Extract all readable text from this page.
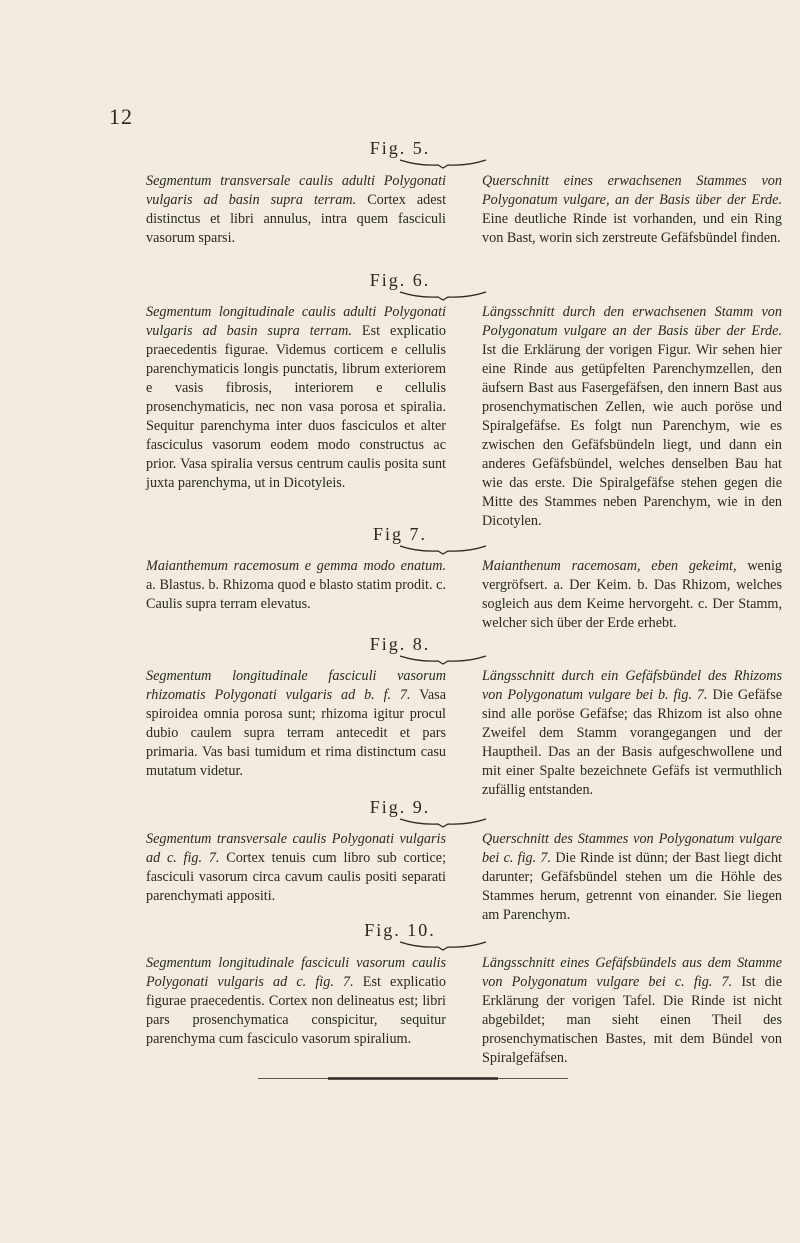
12
Fig. 5.
Segmentum transversale caulis adulti Polygonati vulgaris ad basin supra terram. Cortex adest distinctus et libri annulus, intra quem fasciculi vasorum sparsi.
Querschnitt eines erwachsenen Stammes von Polygonatum vulgare, an der Basis über der Erde. Eine deutliche Rinde ist vorhanden, und ein Ring von Bast, worin sich zerstreute Gefäfsbündel finden.
Fig. 6.
Segmentum longitudinale caulis adulti Polygonati vulgaris ad basin supra terram. Est explicatio praecedentis figurae. Videmus corticem e cellulis parenchymaticis longis punctatis, librum exteriorem e vasis fibrosis, interiorem e cellulis prosenchymaticis, nec non vasa porosa et spiralia. Sequitur parenchyma inter duos fasciculos et alter fasciculus vasorum eodem modo constructus ac prior. Vasa spiralia versus centrum caulis posita sunt juxta parenchyma, ut in Dicotyleis.
Längsschnitt durch den erwachsenen Stamm von Polygonatum vulgare an der Basis über der Erde. Ist die Erklärung der vorigen Figur. Wir sehen hier eine Rinde aus getüpfelten Parenchymzellen, den äufsern Bast aus Fasergefäfsen, den innern Bast aus prosenchymatischen Zellen, wie auch poröse und Spiralgefäfse. Es folgt nun Parenchym, wie es zwischen den Gefäfsbündeln liegt, und dann ein anderes Gefäfsbündel, welches denselben Bau hat wie das erste. Die Spiralgefäfse stehen gegen die Mitte des Stammes neben Parenchym, wie in den Dicotylen.
Fig 7.
Maianthemum racemosum e gemma modo enatum. a. Blastus. b. Rhizoma quod e blasto statim prodit. c. Caulis supra terram elevatus.
Maianthenum racemosam, eben gekeimt, wenig vergröfsert. a. Der Keim. b. Das Rhizom, welches sogleich aus dem Keime hervorgeht. c. Der Stamm, welcher sich über der Erde erhebt.
Fig. 8.
Segmentum longitudinale fasciculi vasorum rhizomatis Polygonati vulgaris ad b. f. 7. Vasa spiroidea omnia porosa sunt; rhizoma igitur procul dubio caulem supra terram antecedit et pars primaria. Vas basi tumidum et rima distinctum casu mutatum videtur.
Längsschnitt durch ein Gefäfsbündel des Rhizoms von Polygonatum vulgare bei b. fig. 7. Die Gefäfse sind alle poröse Gefäfse; das Rhizom ist also ohne Zweifel dem Stamm vorangegangen und der Hauptheil. Das an der Basis aufgeschwollene und mit einer Spalte bezeichnete Gefäfs ist vermuthlich zufällig entstanden.
Fig. 9.
Segmentum transversale caulis Polygonati vulgaris ad c. fig. 7. Cortex tenuis cum libro sub cortice; fasciculi vasorum circa cavum caulis positi separati parenchymati appositi.
Querschnitt des Stammes von Polygonatum vulgare bei c. fig. 7. Die Rinde ist dünn; der Bast liegt dicht darunter; Gefäfsbündel stehen um die Höhle des Stammes herum, getrennt von einander. Sie liegen am Parenchym.
Fig. 10.
Segmentum longitudinale fasciculi vasorum caulis Polygonati vulgaris ad c. fig. 7. Est explicatio figurae praecedentis. Cortex non delineatus est; libri pars prosenchymatica conspicitur, sequitur parenchyma cum fasciculo vasorum spiralium.
Längsschnitt eines Gefäfsbündels aus dem Stamme von Polygonatum vulgare bei c. fig. 7. Ist die Erklärung der vorigen Tafel. Die Rinde ist nicht abgebildet; man sieht einen Theil des prosenchymatischen Bastes, mit dem Bündel von Spiralgefäfsen.
